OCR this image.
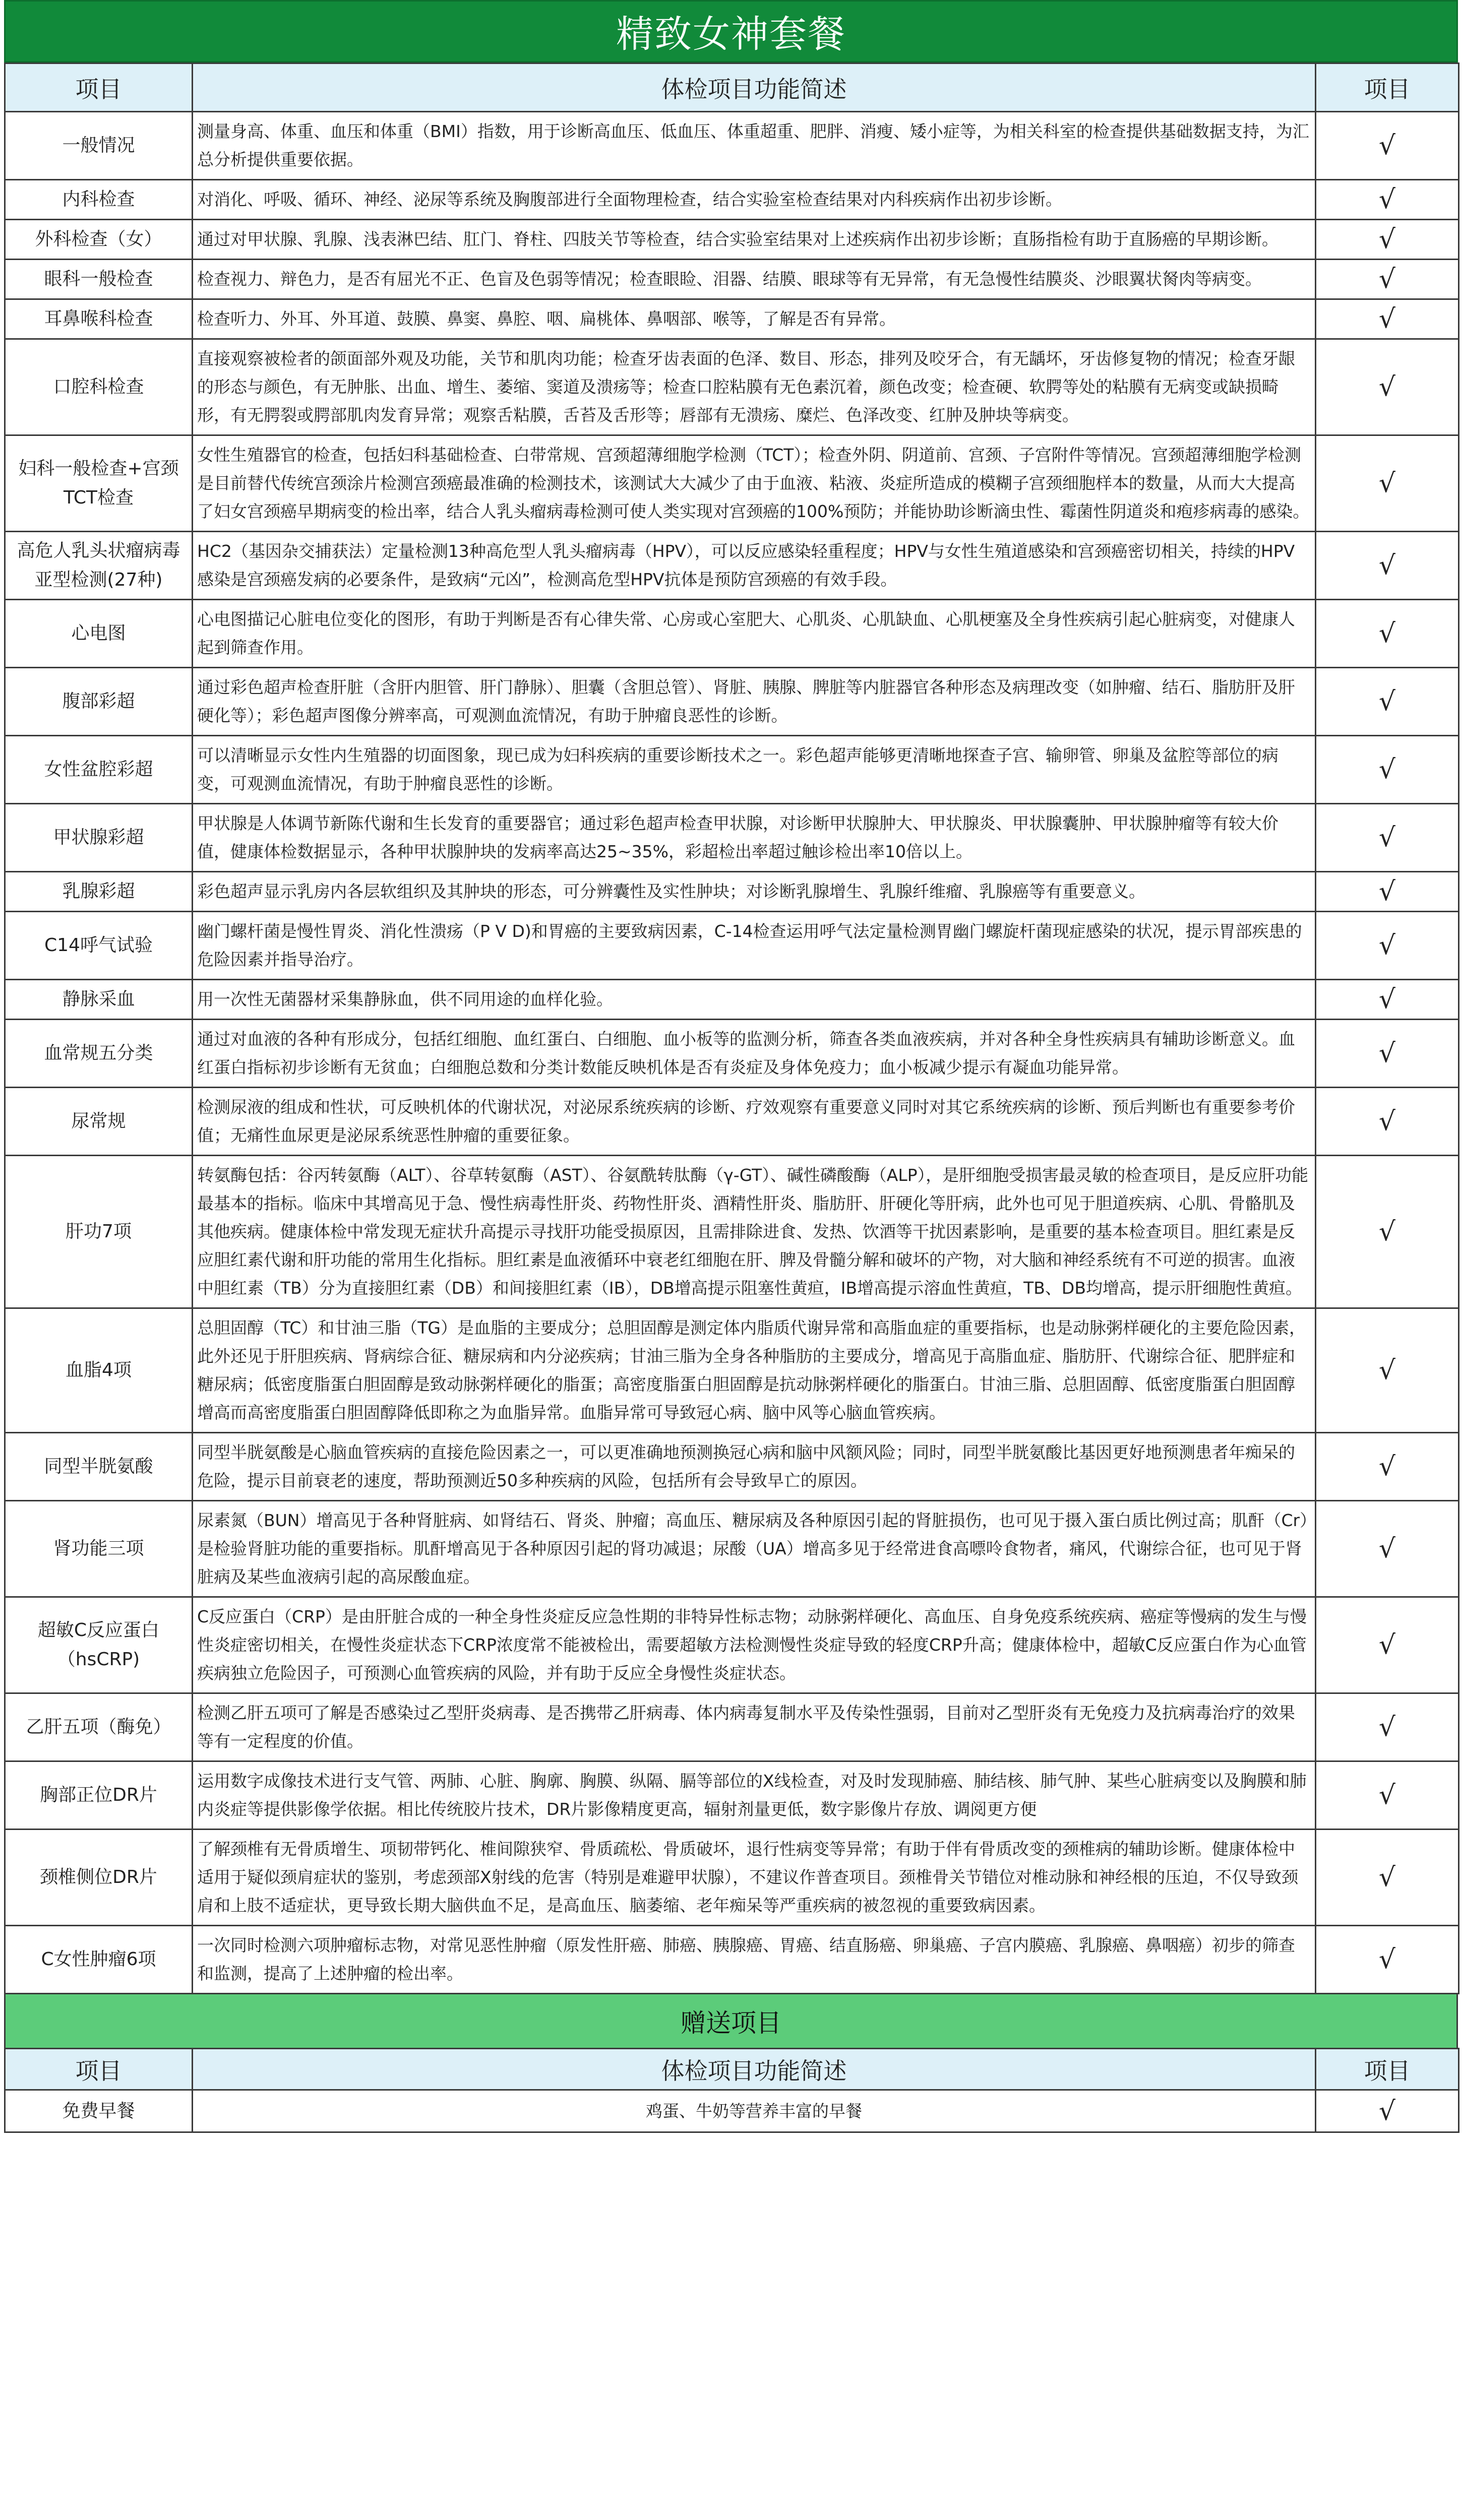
精致女神套餐
项目	体检项目功能简述	项目
一般情况	测量身高、体重、血压和体重（BMI）指数，用于诊断高血压、低血压、体重超重、肥胖、消瘦、矮小症等，为相关科室的检查提供基础数据支持，为汇总分析提供重要依据。	√
内科检查	对消化、呼吸、循环、神经、泌尿等系统及胸腹部进行全面物理检查，结合实验室检查结果对内科疾病作出初步诊断。	√
外科检查（女）	通过对甲状腺、乳腺、浅表淋巴结、肛门、脊柱、四肢关节等检查，结合实验室结果对上述疾病作出初步诊断；直肠指检有助于直肠癌的早期诊断。	√
眼科一般检查	检查视力、辩色力，是否有屈光不正、色盲及色弱等情况；检查眼睑、泪器、结膜、眼球等有无异常，有无急慢性结膜炎、沙眼翼状胬肉等病变。	√
耳鼻喉科检查	检查听力、外耳、外耳道、鼓膜、鼻窦、鼻腔、咽、扁桃体、鼻咽部、喉等，了解是否有异常。	√
口腔科检查	直接观察被检者的颌面部外观及功能，关节和肌肉功能；检查牙齿表面的色泽、数目、形态，排列及咬牙合，有无龋坏，牙齿修复物的情况；检查牙龈的形态与颜色，有无肿胀、出血、增生、萎缩、窦道及溃疡等；检查口腔粘膜有无色素沉着，颜色改变；检查硬、软腭等处的粘膜有无病变或缺损畸形，有无腭裂或腭部肌肉发育异常；观察舌粘膜，舌苔及舌形等；唇部有无溃疡、糜烂、色泽改变、红肿及肿块等病变。	√
妇科一般检查+宫颈TCT检查	女性生殖器官的检查，包括妇科基础检查、白带常规、宫颈超薄细胞学检测（TCT）；检查外阴、阴道前、宫颈、子宫附件等情况。宫颈超薄细胞学检测是目前替代传统宫颈涂片检测宫颈癌最准确的检测技术，该测试大大减少了由于血液、粘液、炎症所造成的模糊子宫颈细胞样本的数量，从而大大提高了妇女宫颈癌早期病变的检出率，结合人乳头瘤病毒检测可使人类实现对宫颈癌的100%预防；并能协助诊断滴虫性、霉菌性阴道炎和疱疹病毒的感染。	√
高危人乳头状瘤病毒亚型检测(27种)	HC2（基因杂交捕获法）定量检测13种高危型人乳头瘤病毒（HPV），可以反应感染轻重程度；HPV与女性生殖道感染和宫颈癌密切相关，持续的HPV感染是宫颈癌发病的必要条件，是致病“元凶”，检测高危型HPV抗体是预防宫颈癌的有效手段。	√
心电图	心电图描记心脏电位变化的图形，有助于判断是否有心律失常、心房或心室肥大、心肌炎、心肌缺血、心肌梗塞及全身性疾病引起心脏病变，对健康人起到筛查作用。	√
腹部彩超	通过彩色超声检查肝脏（含肝内胆管、肝门静脉）、胆囊（含胆总管）、肾脏、胰腺、脾脏等内脏器官各种形态及病理改变（如肿瘤、结石、脂肪肝及肝硬化等）；彩色超声图像分辨率高，可观测血流情况，有助于肿瘤良恶性的诊断。	√
女性盆腔彩超	可以清晰显示女性内生殖器的切面图象，现已成为妇科疾病的重要诊断技术之一。彩色超声能够更清晰地探查子宫、输卵管、卵巢及盆腔等部位的病变，可观测血流情况，有助于肿瘤良恶性的诊断。	√
甲状腺彩超	甲状腺是人体调节新陈代谢和生长发育的重要器官；通过彩色超声检查甲状腺，对诊断甲状腺肿大、甲状腺炎、甲状腺囊肿、甲状腺肿瘤等有较大价值，健康体检数据显示，各种甲状腺肿块的发病率高达25~35%，彩超检出率超过触诊检出率10倍以上。	√
乳腺彩超	彩色超声显示乳房内各层软组织及其肿块的形态，可分辨囊性及实性肿块；对诊断乳腺增生、乳腺纤维瘤、乳腺癌等有重要意义。	√
C14呼气试验	幽门螺杆菌是慢性胃炎、消化性溃疡（P V D)和胃癌的主要致病因素，C-14检查运用呼气法定量检测胃幽门螺旋杆菌现症感染的状况，提示胃部疾患的危险因素并指导治疗。	√
静脉采血	用一次性无菌器材采集静脉血，供不同用途的血样化验。	√
血常规五分类	通过对血液的各种有形成分，包括红细胞、血红蛋白、白细胞、血小板等的监测分析，筛查各类血液疾病，并对各种全身性疾病具有辅助诊断意义。血红蛋白指标初步诊断有无贫血；白细胞总数和分类计数能反映机体是否有炎症及身体免疫力；血小板减少提示有凝血功能异常。	√
尿常规	检测尿液的组成和性状，可反映机体的代谢状况，对泌尿系统疾病的诊断、疗效观察有重要意义同时对其它系统疾病的诊断、预后判断也有重要参考价值；无痛性血尿更是泌尿系统恶性肿瘤的重要征象。	√
肝功7项	转氨酶包括：谷丙转氨酶（ALT）、谷草转氨酶（AST）、谷氨酰转肽酶（γ-GT）、碱性磷酸酶（ALP），是肝细胞受损害最灵敏的检查项目，是反应肝功能最基本的指标。临床中其增高见于急、慢性病毒性肝炎、药物性肝炎、酒精性肝炎、脂肪肝、肝硬化等肝病，此外也可见于胆道疾病、心肌、骨骼肌及其他疾病。健康体检中常发现无症状升高提示寻找肝功能受损原因，且需排除进食、发热、饮酒等干扰因素影响，是重要的基本检查项目。胆红素是反应胆红素代谢和肝功能的常用生化指标。胆红素是血液循环中衰老红细胞在肝、脾及骨髓分解和破坏的产物，对大脑和神经系统有不可逆的损害。血液中胆红素（TB）分为直接胆红素（DB）和间接胆红素（IB），DB增高提示阻塞性黄疸，IB增高提示溶血性黄疸，TB、DB均增高，提示肝细胞性黄疸。	√
血脂4项	总胆固醇（TC）和甘油三脂（TG）是血脂的主要成分；总胆固醇是测定体内脂质代谢异常和高脂血症的重要指标，也是动脉粥样硬化的主要危险因素，此外还见于肝胆疾病、肾病综合征、糖尿病和内分泌疾病；甘油三脂为全身各种脂肪的主要成分，增高见于高脂血症、脂肪肝、代谢综合征、肥胖症和糖尿病；低密度脂蛋白胆固醇是致动脉粥样硬化的脂蛋；高密度脂蛋白胆固醇是抗动脉粥样硬化的脂蛋白。甘油三脂、总胆固醇、低密度脂蛋白胆固醇增高而高密度脂蛋白胆固醇降低即称之为血脂异常。血脂异常可导致冠心病、脑中风等心脑血管疾病。	√
同型半胱氨酸	同型半胱氨酸是心脑血管疾病的直接危险因素之一，可以更准确地预测换冠心病和脑中风额风险；同时，同型半胱氨酸比基因更好地预测患者年痴呆的危险，提示目前衰老的速度，帮助预测近50多种疾病的风险，包括所有会导致早亡的原因。	√
肾功能三项	尿素氮（BUN）增高见于各种肾脏病、如肾结石、肾炎、肿瘤；高血压、糖尿病及各种原因引起的肾脏损伤，也可见于摄入蛋白质比例过高；肌酐（Cr）是检验肾脏功能的重要指标。肌酐增高见于各种原因引起的肾功减退；尿酸（UA）增高多见于经常进食高嘌呤食物者，痛风，代谢综合征，也可见于肾脏病及某些血液病引起的高尿酸血症。	√
超敏C反应蛋白（hsCRP)	C反应蛋白（CRP）是由肝脏合成的一种全身性炎症反应急性期的非特异性标志物；动脉粥样硬化、高血压、自身免疫系统疾病、癌症等慢病的发生与慢性炎症密切相关，在慢性炎症状态下CRP浓度常不能被检出，需要超敏方法检测慢性炎症导致的轻度CRP升高；健康体检中，超敏C反应蛋白作为心血管疾病独立危险因子，可预测心血管疾病的风险，并有助于反应全身慢性炎症状态。	√
乙肝五项（酶免）	检测乙肝五项可了解是否感染过乙型肝炎病毒、是否携带乙肝病毒、体内病毒复制水平及传染性强弱，目前对乙型肝炎有无免疫力及抗病毒治疗的效果等有一定程度的价值。	√
胸部正位DR片	运用数字成像技术进行支气管、两肺、心脏、胸廓、胸膜、纵隔、膈等部位的X线检查，对及时发现肺癌、肺结核、肺气肿、某些心脏病变以及胸膜和肺内炎症等提供影像学依据。相比传统胶片技术，DR片影像精度更高，辐射剂量更低，数字影像片存放、调阅更方便	√
颈椎侧位DR片	了解颈椎有无骨质增生、项韧带钙化、椎间隙狭窄、骨质疏松、骨质破坏，退行性病变等异常；有助于伴有骨质改变的颈椎病的辅助诊断。健康体检中适用于疑似颈肩症状的鉴别，考虑颈部X射线的危害（特别是难避甲状腺），不建议作普查项目。颈椎骨关节错位对椎动脉和神经根的压迫，不仅导致颈肩和上肢不适症状，更导致长期大脑供血不足，是高血压、脑萎缩、老年痴呆等严重疾病的被忽视的重要致病因素。	√
C女性肿瘤6项	一次同时检测六项肿瘤标志物，对常见恶性肿瘤（原发性肝癌、肺癌、胰腺癌、胃癌、结直肠癌、卵巢癌、子宫内膜癌、乳腺癌、鼻咽癌）初步的筛查和监测，提高了上述肿瘤的检出率。	√
赠送项目
项目	体检项目功能简述	项目
免费早餐	鸡蛋、牛奶等营养丰富的早餐	√
